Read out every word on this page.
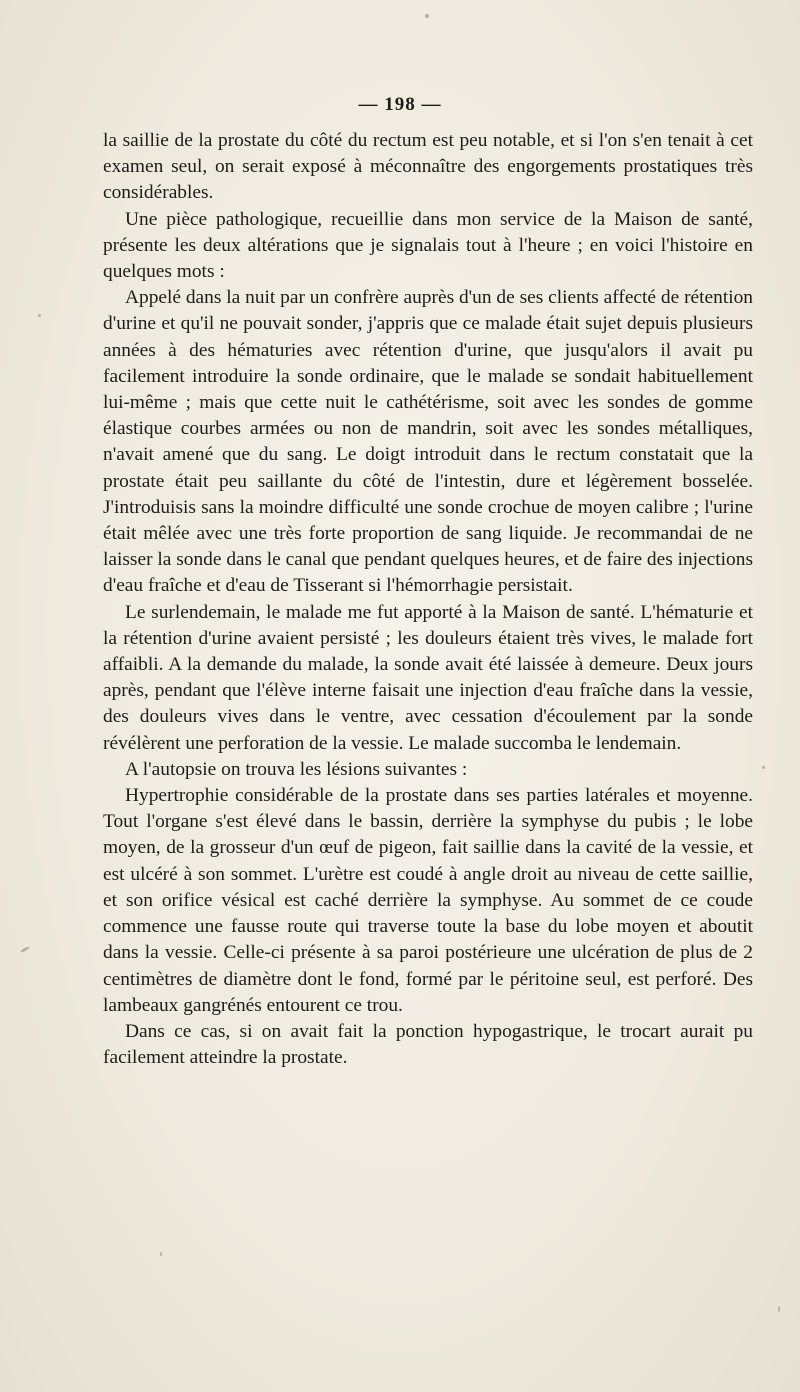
— 198 —

la saillie de la prostate du côté du rectum est peu notable, et si l'on s'en tenait à cet examen seul, on serait exposé à méconnaître des engorgements prostatiques très considérables.

Une pièce pathologique, recueillie dans mon service de la Maison de santé, présente les deux altérations que je signalais tout à l'heure ; en voici l'histoire en quelques mots :

Appelé dans la nuit par un confrère auprès d'un de ses clients affecté de rétention d'urine et qu'il ne pouvait sonder, j'appris que ce malade était sujet depuis plusieurs années à des hématuries avec rétention d'urine, que jusqu'alors il avait pu facilement introduire la sonde ordinaire, que le malade se sondait habituellement lui-même ; mais que cette nuit le cathétérisme, soit avec les sondes de gomme élastique courbes armées ou non de mandrin, soit avec les sondes métalliques, n'avait amené que du sang. Le doigt introduit dans le rectum constatait que la prostate était peu saillante du côté de l'intestin, dure et légèrement bosselée. J'introduisis sans la moindre difficulté une sonde crochue de moyen calibre ; l'urine était mêlée avec une très forte proportion de sang liquide. Je recommandai de ne laisser la sonde dans le canal que pendant quelques heures, et de faire des injections d'eau fraîche et d'eau de Tisserant si l'hémorrhagie persistait.

Le surlendemain, le malade me fut apporté à la Maison de santé. L'hématurie et la rétention d'urine avaient persisté ; les douleurs étaient très vives, le malade fort affaibli. A la demande du malade, la sonde avait été laissée à demeure. Deux jours après, pendant que l'élève interne faisait une injection d'eau fraîche dans la vessie, des douleurs vives dans le ventre, avec cessation d'écoulement par la sonde révélèrent une perforation de la vessie. Le malade succomba le lendemain.

A l'autopsie on trouva les lésions suivantes :

Hypertrophie considérable de la prostate dans ses parties latérales et moyenne. Tout l'organe s'est élevé dans le bassin, derrière la symphyse du pubis ; le lobe moyen, de la grosseur d'un œuf de pigeon, fait saillie dans la cavité de la vessie, et est ulcéré à son sommet. L'urètre est coudé à angle droit au niveau de cette saillie, et son orifice vésical est caché derrière la symphyse. Au sommet de ce coude commence une fausse route qui traverse toute la base du lobe moyen et aboutit dans la vessie. Celle-ci présente à sa paroi postérieure une ulcération de plus de 2 centimètres de diamètre dont le fond, formé par le péritoine seul, est perforé. Des lambeaux gangrénés entourent ce trou.

Dans ce cas, si on avait fait la ponction hypogastrique, le trocart aurait pu facilement atteindre la prostate.
